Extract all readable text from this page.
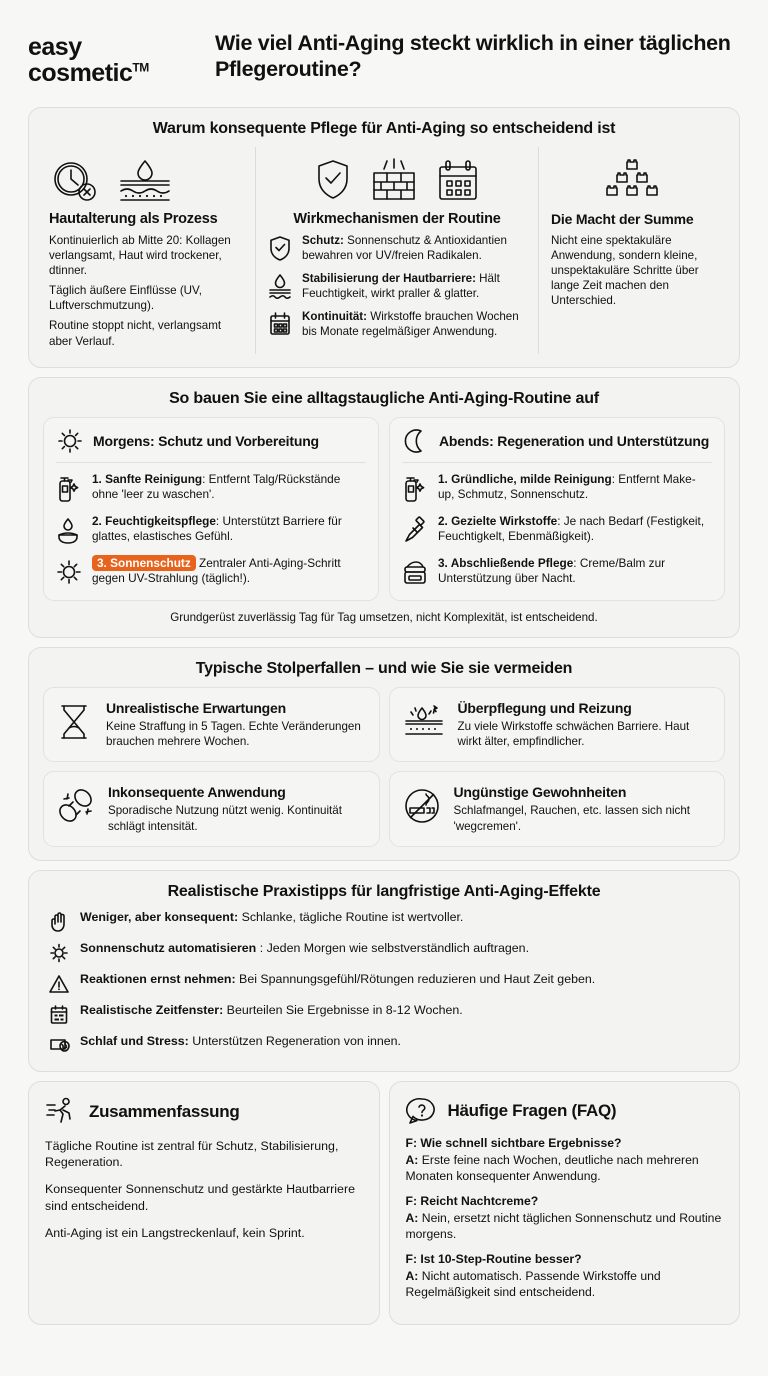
easy
cosmetic™
Wie viel Anti-Aging steckt wirklich in einer täglichen Pflegeroutine?
Warum konsequente Pflege für Anti-Aging so entscheidend ist
Hautalterung als Prozess

Kontinuierlich ab Mitte 20: Kollagen verlangsamt, Haut wird trockener, dtinner.

Täglich äußere Einflüsse (UV, Luftverschmutzung).

Routine stoppt nicht, verlangsamt aber Verlauf.

Wirkmechanismen der Routine
Schutz: Sonnenschutz & Antioxidantien bewahren vor UV/freien Radikalen.
Stabilisierung der Hautbarriere: Hält Feuchtigkeit, wirkt praller & glatter.
Kontinuität: Wirkstoffe brauchen Wochen bis Monate regelmäßiger Anwendung.
Die Macht der Summe

Nicht eine spektakuläre Anwendung, sondern kleine, unspektakuläre Schritte über lange Zeit machen den Unterschied.

So bauen Sie eine alltagstaugliche Anti-Aging-Routine auf
Morgens: Schutz und Vorbereitung
1. Sanfte Reinigung: Entfernt Talg/Rückstände ohne 'leer zu waschen'.
2. Feuchtigkeitspflege: Unterstützt Barriere für glattes, elastisches Gefühl.
3. Sonnenschutz Zentraler Anti-Aging-Schritt gegen UV-Strahlung (täglich!).
Abends: Regeneration und Unterstützung
1. Gründliche, milde Reinigung: Entfernt Make-up, Schmutz, Sonnenschutz.
2. Gezielte Wirkstoffe: Je nach Bedarf (Festigkeit, Feuchtigkelt, Ebenmäßigkeit).
3. Abschließende Pflege: Creme/Balm zur Unterstützung über Nacht.
Grundgerüst zuverlässig Tag für Tag umsetzen, nicht Komplexität, ist entscheidend.
Typische Stolperfallen – und wie Sie sie vermeiden
Unrealistische Erwartungen
Keine Straffung in 5 Tagen. Echte Veränderungen brauchen mehrere Wochen.
Überpflegung und Reizung
Zu viele Wirkstoffe schwächen Barriere. Haut wirkt älter, empfindlicher.
Inkonsequente Anwendung
Sporadische Nutzung nützt wenig. Kontinuität schlägt intensität.
Ungünstige Gewohnheiten
Schlafmangel, Rauchen, etc. lassen sich nicht 'wegcremen'.
Realistische Praxistipps für langfristige Anti-Aging-Effekte
Weniger, aber konsequent: Schlanke, tägliche Routine ist wertvoller.
Sonnenschutz automatisieren : Jeden Morgen wie selbstverständlich auftragen.
Reaktionen ernst nehmen: Bei Spannungsgefühl/Rötungen reduzieren und Haut Zeit geben.
Realistische Zeitfenster: Beurteilen Sie Ergebnisse in 8-12 Wochen.
Schlaf und Stress: Unterstützen Regeneration von innen.
Zusammenfassung
Tägliche Routine ist zentral für Schutz, Stabilisierung, Regeneration.
Konsequenter Sonnenschutz und gestärkte Hautbarriere sind entscheidend.
Anti-Aging ist ein Langstreckenlauf, kein Sprint.
Häufige Fragen (FAQ)
F: Wie schnell sichtbare Ergebnisse?
A: Erste feine nach Wochen, deutliche nach mehreren Monaten konsequenter Anwendung.
F: Reicht Nachtcreme?
A: Nein, ersetzt nicht täglichen Sonnenschutz und Routine morgens.
F: Ist 10-Step-Routine besser?
A: Nicht automatisch. Passende Wirkstoffe und Regelmäßigkeit sind entscheidend.
